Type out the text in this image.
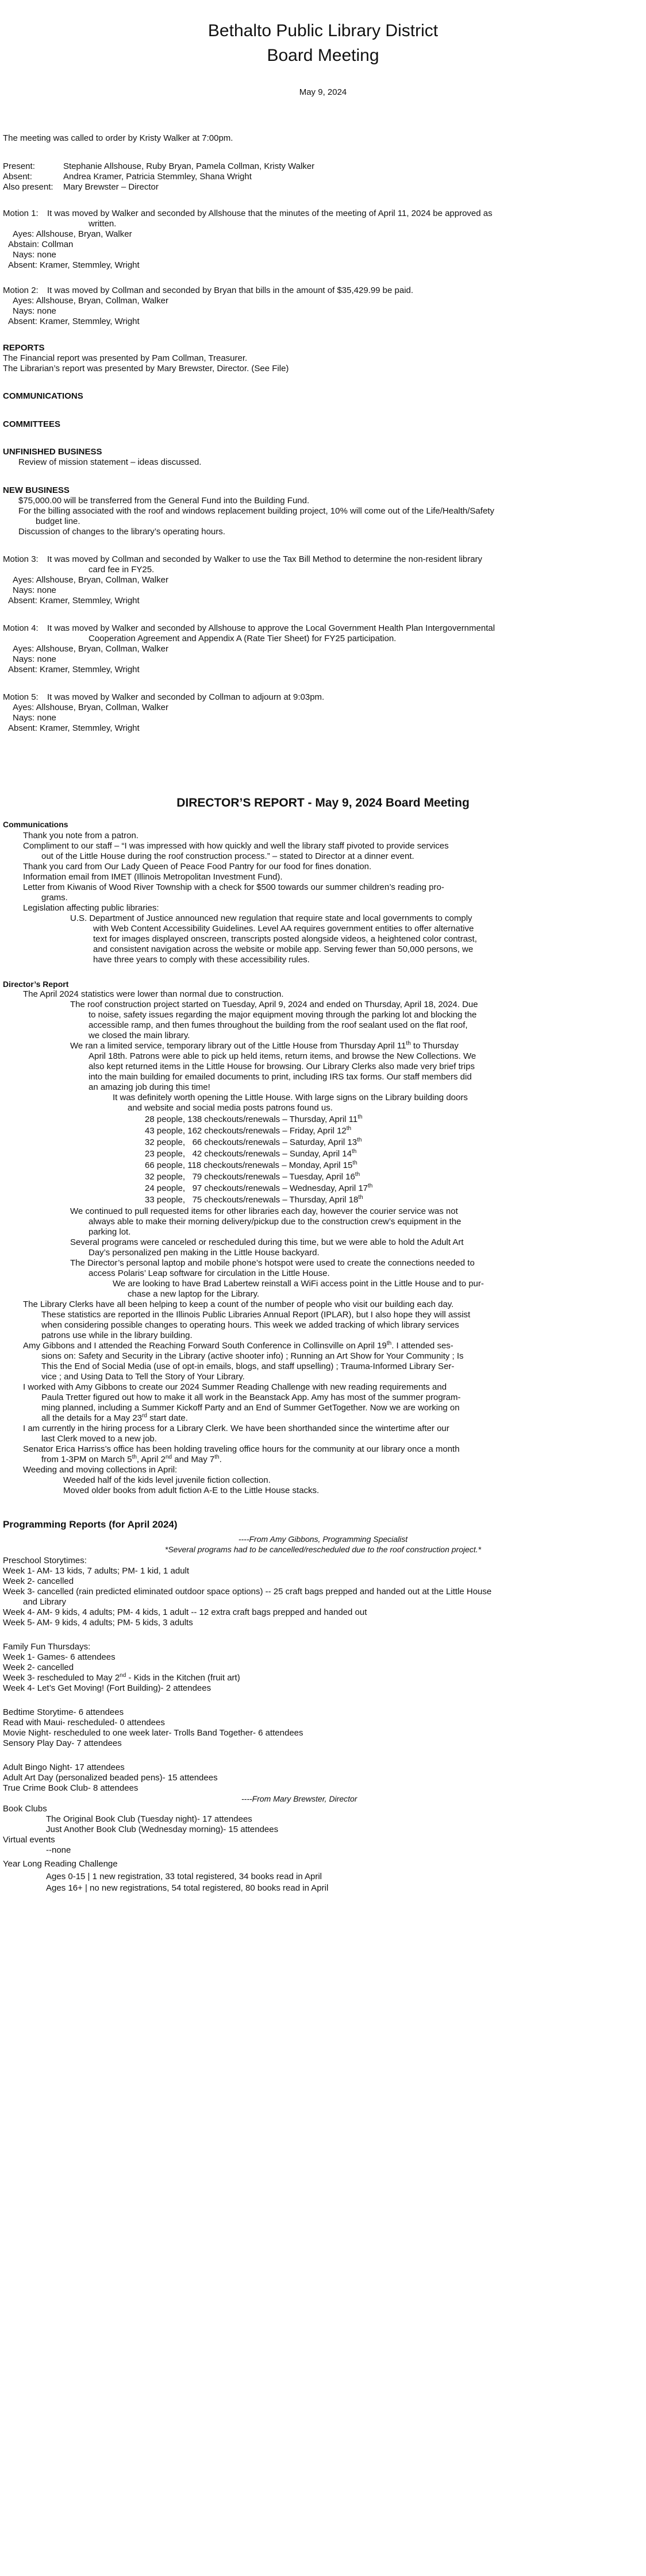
Bethalto Public Library District
Board Meeting
May 9, 2024
The meeting was called to order by Kristy Walker at 7:00pm.
Present:	Stephanie Allshouse, Ruby Bryan, Pamela Collman, Kristy Walker
Absent:	Andrea Kramer, Patricia Stemmley, Shana Wright
Also present: Mary Brewster – Director
Motion 1: It was moved by Walker and seconded by Allshouse that the minutes of the meeting of April 11, 2024 be approved as
written.
Ayes: Allshouse, Bryan, Walker
Abstain: Collman
Nays: none
Absent: Kramer, Stemmley, Wright
Motion 2: It was moved by Collman and seconded by Bryan that bills in the amount of $35,429.99 be paid.
Ayes: Allshouse, Bryan, Collman, Walker
Nays: none
Absent: Kramer, Stemmley, Wright
REPORTS
The Financial report was presented by Pam Collman, Treasurer.
The Librarian’s report was presented by Mary Brewster, Director. (See File)
COMMUNICATIONS
COMMITTEES
UNFINISHED BUSINESS
Review of mission statement – ideas discussed.
NEW BUSINESS
$75,000.00 will be transferred from the General Fund into the Building Fund.
For the billing associated with the roof and windows replacement building project, 10% will come out of the Life/Health/Safety
budget line.
Discussion of changes to the library’s operating hours.
Motion 3: It was moved by Collman and seconded by Walker to use the Tax Bill Method to determine the non-resident library
card fee in FY25.
Ayes: Allshouse, Bryan, Collman, Walker
Nays: none
Absent: Kramer, Stemmley, Wright
Motion 4: It was moved by Walker and seconded by Allshouse to approve the Local Government Health Plan Intergovernmental
Cooperation Agreement and Appendix A (Rate Tier Sheet) for FY25 participation.
Ayes: Allshouse, Bryan, Collman, Walker
Nays: none
Absent: Kramer, Stemmley, Wright
Motion 5: It was moved by Walker and seconded by Collman to adjourn at 9:03pm.
Ayes: Allshouse, Bryan, Collman, Walker
Nays: none
Absent: Kramer, Stemmley, Wright
DIRECTOR’S REPORT - May 9, 2024 Board Meeting
Communications
Thank you note from a patron.
Compliment to our staff – “I was impressed with how quickly and well the library staff pivoted to provide services
out of the Little House during the roof construction process.” – stated to Director at a dinner event.
Thank you card from Our Lady Queen of Peace Food Pantry for our food for fines donation.
Information email from IMET (Illinois Metropolitan Investment Fund).
Letter from Kiwanis of Wood River Township with a check for $500 towards our summer children’s reading pro-
grams.
Legislation affecting public libraries:
U.S. Department of Justice announced new regulation that require state and local governments to comply
with Web Content Accessibility Guidelines. Level AA requires government entities to offer alternative
text for images displayed onscreen, transcripts posted alongside videos, a heightened color contrast,
and consistent navigation across the website or mobile app. Serving fewer than 50,000 persons, we
have three years to comply with these accessibility rules.
Director’s Report
The April 2024 statistics were lower than normal due to construction.
The roof construction project started on Tuesday, April 9, 2024 and ended on Thursday, April 18, 2024. Due
to noise, safety issues regarding the major equipment moving through the parking lot and blocking the
accessible ramp, and then fumes throughout the building from the roof sealant used on the flat roof,
we closed the main library.
We ran a limited service, temporary library out of the Little House from Thursday April 11th to Thursday
April 18th. Patrons were able to pick up held items, return items, and browse the New Collections. We
also kept returned items in the Little House for browsing. Our Library Clerks also made very brief trips
into the main building for emailed documents to print, including IRS tax forms. Our staff members did
an amazing job during this time!
It was definitely worth opening the Little House. With large signs on the Library building doors
and website and social media posts patrons found us.
28 people, 138 checkouts/renewals – Thursday, April 11th
43 people, 162 checkouts/renewals – Friday, April 12th
32 people,   66 checkouts/renewals – Saturday, April 13th
23 people,   42 checkouts/renewals – Sunday, April 14th
66 people, 118 checkouts/renewals – Monday, April 15th
32 people,   79 checkouts/renewals – Tuesday, April 16th
24 people,   97 checkouts/renewals – Wednesday, April 17th
33 people,   75 checkouts/renewals – Thursday, April 18th
We continued to pull requested items for other libraries each day, however the courier service was not
always able to make their morning delivery/pickup due to the construction crew’s equipment in the
parking lot.
Several programs were canceled or rescheduled during this time, but we were able to hold the Adult Art
Day’s personalized pen making in the Little House backyard.
The Director’s personal laptop and mobile phone’s hotspot were used to create the connections needed to
access Polaris’ Leap software for circulation in the Little House.
We are looking to have Brad Labertew reinstall a WiFi access point in the Little House and to pur-
chase a new laptop for the Library.
The Library Clerks have all been helping to keep a count of the number of people who visit our building each day.
These statistics are reported in the Illinois Public Libraries Annual Report (IPLAR), but I also hope they will assist
when considering possible changes to operating hours. This week we added tracking of which library services
patrons use while in the library building.
Amy Gibbons and I attended the Reaching Forward South Conference in Collinsville on April 19th. I attended ses-
sions on: Safety and Security in the Library (active shooter info) ; Running an Art Show for Your Community ; Is
This the End of Social Media (use of opt-in emails, blogs, and staff upselling) ; Trauma-Informed Library Ser-
vice ; and Using Data to Tell the Story of Your Library.
I worked with Amy Gibbons to create our 2024 Summer Reading Challenge with new reading requirements and
Paula Tretter figured out how to make it all work in the Beanstack App. Amy has most of the summer program-
ming planned, including a Summer Kickoff Party and an End of Summer GetTogether. Now we are working on
all the details for a May 23rd start date.
I am currently in the hiring process for a Library Clerk. We have been shorthanded since the wintertime after our
last Clerk moved to a new job.
Senator Erica Harriss’s office has been holding traveling office hours for the community at our library once a month
from 1-3PM on March 5th, April 2nd and May 7th.
Weeding and moving collections in April:
Weeded half of the kids level juvenile fiction collection.
Moved older books from adult fiction A-E to the Little House stacks.
Programming Reports (for April 2024)
----From Amy Gibbons, Programming Specialist
*Several programs had to be cancelled/rescheduled due to the roof construction project.*
Preschool Storytimes:
Week 1- AM- 13 kids, 7 adults; PM- 1 kid, 1 adult
Week 2- cancelled
Week 3- cancelled (rain predicted eliminated outdoor space options) -- 25 craft bags prepped and handed out at the Little House
and Library
Week 4- AM- 9 kids, 4 adults; PM- 4 kids, 1 adult -- 12 extra craft bags prepped and handed out
Week 5- AM- 9 kids, 4 adults; PM- 5 kids, 3 adults
Family Fun Thursdays:
Week 1- Games- 6 attendees
Week 2- cancelled
Week 3- rescheduled to May 2nd - Kids in the Kitchen (fruit art)
Week 4- Let’s Get Moving! (Fort Building)- 2 attendees
Bedtime Storytime- 6 attendees
Read with Maui- rescheduled- 0 attendees
Movie Night- rescheduled to one week later- Trolls Band Together- 6 attendees
Sensory Play Day- 7 attendees
Adult Bingo Night- 17 attendees
Adult Art Day (personalized beaded pens)- 15 attendees
True Crime Book Club- 8 attendees
----From Mary Brewster, Director
Book Clubs
The Original Book Club (Tuesday night)- 17 attendees
Just Another Book Club (Wednesday morning)- 15 attendees
Virtual events
--none
Year Long Reading Challenge
Ages 0-15 | 1 new registration, 33 total registered, 34 books read in April
Ages 16+ | no new registrations, 54 total registered, 80 books read in April
